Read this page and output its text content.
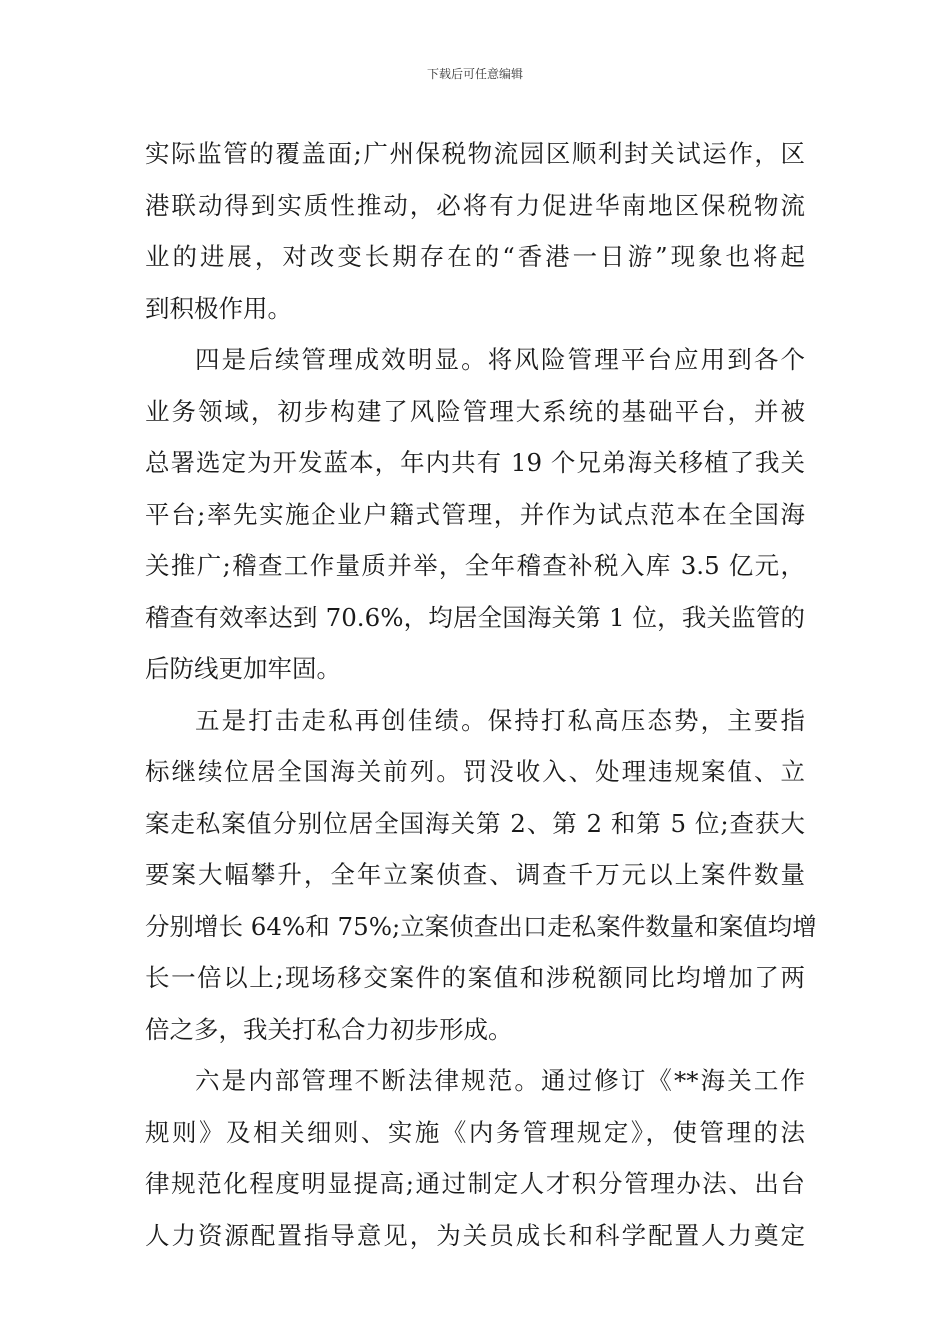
下载后可任意编辑
实际监管的覆盖面;广州保税物流园区顺利封关试运作，区
港联动得到实质性推动，必将有力促进华南地区保税物流
业的进展，对改变长期存在的“香港一日游”现象也将起
到积极作用。
四是后续管理成效明显。将风险管理平台应用到各个
业务领域，初步构建了风险管理大系统的基础平台，并被
总署选定为开发蓝本，年内共有 19 个兄弟海关移植了我关
平台;率先实施企业户籍式管理，并作为试点范本在全国海
关推广;稽查工作量质并举，全年稽查补税入库 3.5 亿元，
稽查有效率达到 70.6%，均居全国海关第 1 位，我关监管的
后防线更加牢固。
五是打击走私再创佳绩。保持打私高压态势，主要指
标继续位居全国海关前列。罚没收入、处理违规案值、立
案走私案值分别位居全国海关第 2、第 2 和第 5 位;查获大
要案大幅攀升，全年立案侦查、调查千万元以上案件数量
分别增长 64%和 75%;立案侦查出口走私案件数量和案值均增
长一倍以上;现场移交案件的案值和涉税额同比均增加了两
倍之多，我关打私合力初步形成。
六是内部管理不断法律规范。通过修订《**海关工作
规则》及相关细则、实施《内务管理规定》，使管理的法
律规范化程度明显提高;通过制定人才积分管理办法、出台
人力资源配置指导意见，为关员成长和科学配置人力奠定
